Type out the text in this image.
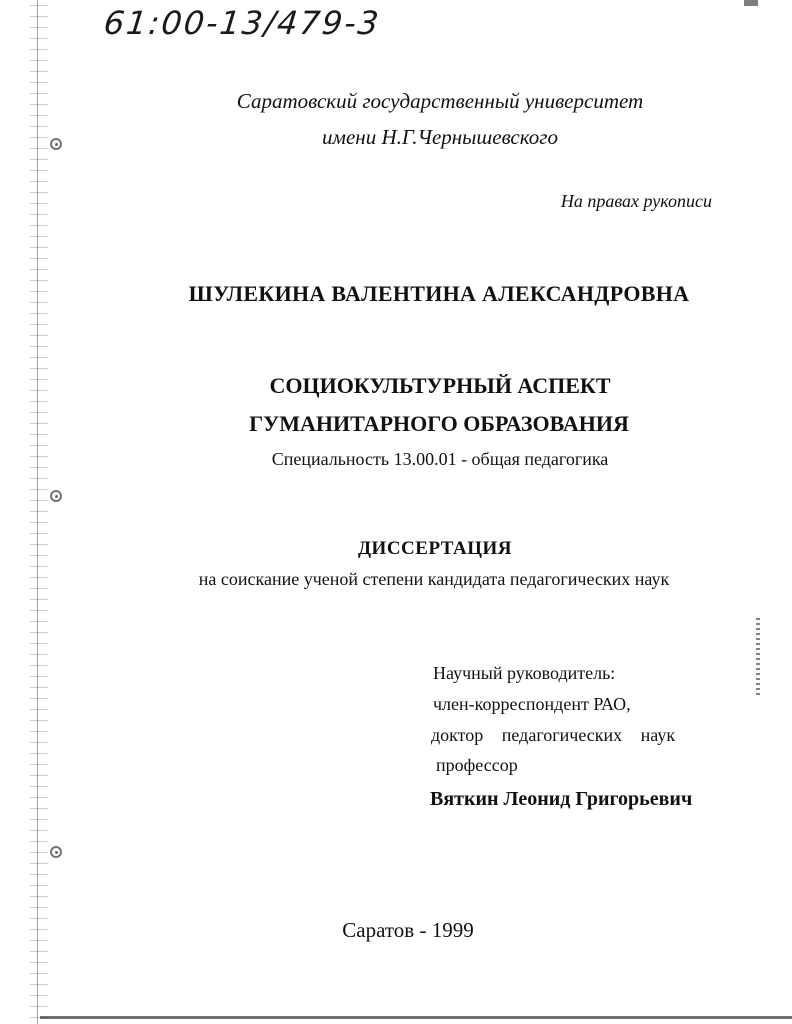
61:00-13/479-3
Саратовский государственный университет
имени Н.Г.Чернышевского
На правах рукописи
ШУЛЕКИНА ВАЛЕНТИНА АЛЕКСАНДРОВНА
СОЦИОКУЛЬТУРНЫЙ АСПЕКТ
ГУМАНИТАРНОГО ОБРАЗОВАНИЯ
Специальность 13.00.01 - общая педагогика
ДИССЕРТАЦИЯ
на соискание ученой степени кандидата педагогических наук
Научный руководитель:
член-корреспондент РАО,
доктор педагогических наук
профессор
Вяткин Леонид Григорьевич
Саратов - 1999
